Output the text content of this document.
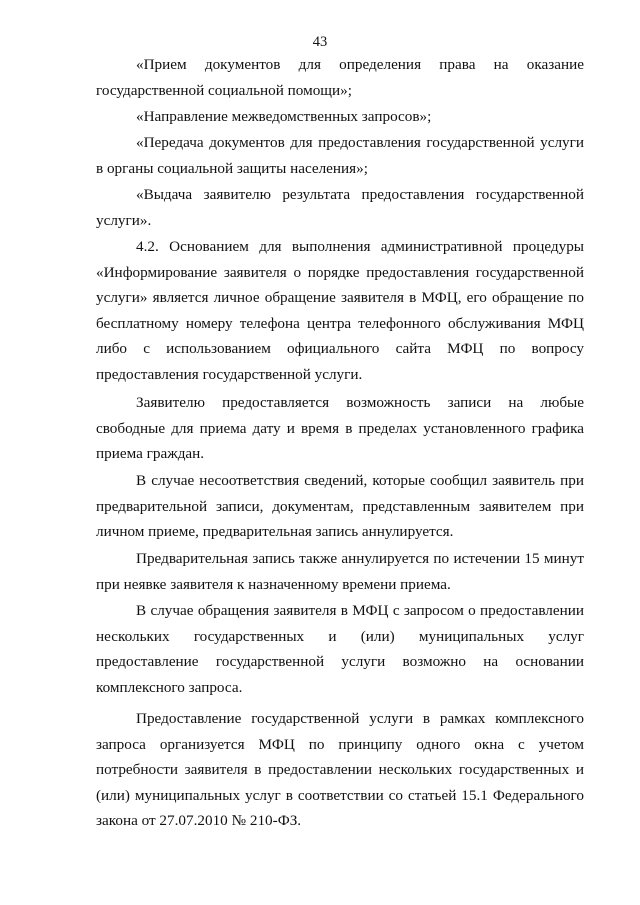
43

«Прием документов для определения права на оказание государственной социальной помощи»;

«Направление межведомственных запросов»;

«Передача документов для предоставления государственной услуги в органы социальной защиты населения»;

«Выдача заявителю результата предоставления государственной услуги».

4.2. Основанием для выполнения административной процедуры «Информирование заявителя о порядке предоставления государственной услуги» является личное обращение заявителя в МФЦ, его обращение по бесплатному номеру телефона центра телефонного обслуживания МФЦ либо с использованием официального сайта МФЦ по вопросу предоставления государственной услуги.

Заявителю предоставляется возможность записи на любые свободные для приема дату и время в пределах установленного графика приема граждан.

В случае несоответствия сведений, которые сообщил заявитель при предварительной записи, документам, представленным заявителем при личном приеме, предварительная запись аннулируется.

Предварительная запись также аннулируется по истечении 15 минут при неявке заявителя к назначенному времени приема.

В случае обращения заявителя в МФЦ с запросом о предоставлении нескольких государственных и (или) муниципальных услуг предоставление государственной услуги возможно на основании комплексного запроса.

Предоставление государственной услуги в рамках комплексного запроса организуется МФЦ по принципу одного окна с учетом потребности заявителя в предоставлении нескольких государственных и (или) муниципальных услуг в соответствии со статьей 15.1 Федерального закона от 27.07.2010 № 210-ФЗ.
